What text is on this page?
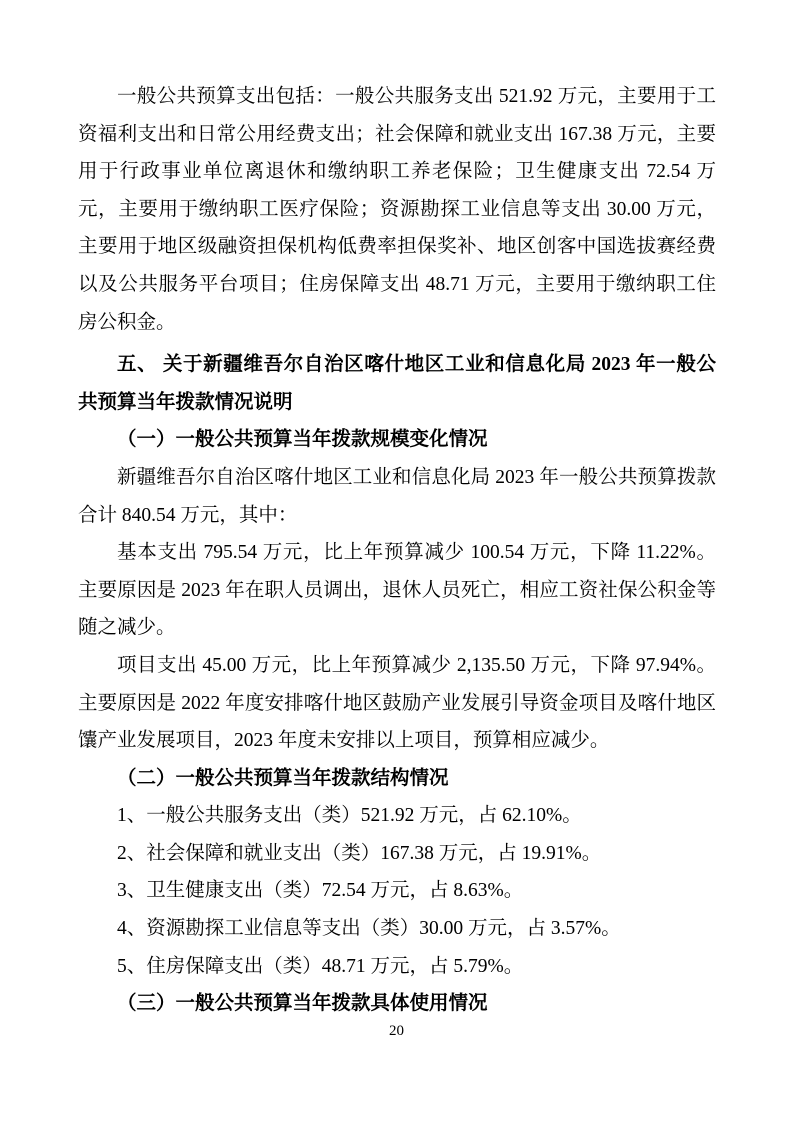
一般公共预算支出包括：一般公共服务支出 521.92 万元，主要用于工资福利支出和日常公用经费支出；社会保障和就业支出 167.38 万元，主要用于行政事业单位离退休和缴纳职工养老保险；卫生健康支出 72.54 万元，主要用于缴纳职工医疗保险；资源勘探工业信息等支出 30.00 万元，主要用于地区级融资担保机构低费率担保奖补、地区创客中国选拔赛经费以及公共服务平台项目；住房保障支出 48.71 万元，主要用于缴纳职工住房公积金。

五、 关于新疆维吾尔自治区喀什地区工业和信息化局 2023 年一般公共预算当年拨款情况说明

（一）一般公共预算当年拨款规模变化情况

新疆维吾尔自治区喀什地区工业和信息化局 2023 年一般公共预算拨款合计 840.54 万元，其中：

基本支出 795.54 万元，比上年预算减少 100.54 万元，下降 11.22%。主要原因是 2023 年在职人员调出，退休人员死亡，相应工资社保公积金等随之减少。

项目支出 45.00 万元，比上年预算减少 2,135.50 万元，下降 97.94%。主要原因是 2022 年度安排喀什地区鼓励产业发展引导资金项目及喀什地区馕产业发展项目，2023 年度未安排以上项目，预算相应减少。

（二）一般公共预算当年拨款结构情况

1、一般公共服务支出（类）521.92 万元，占 62.10%。

2、社会保障和就业支出（类）167.38 万元，占 19.91%。

3、卫生健康支出（类）72.54 万元，占 8.63%。

4、资源勘探工业信息等支出（类）30.00 万元，占 3.57%。

5、住房保障支出（类）48.71 万元，占 5.79%。

（三）一般公共预算当年拨款具体使用情况

20
